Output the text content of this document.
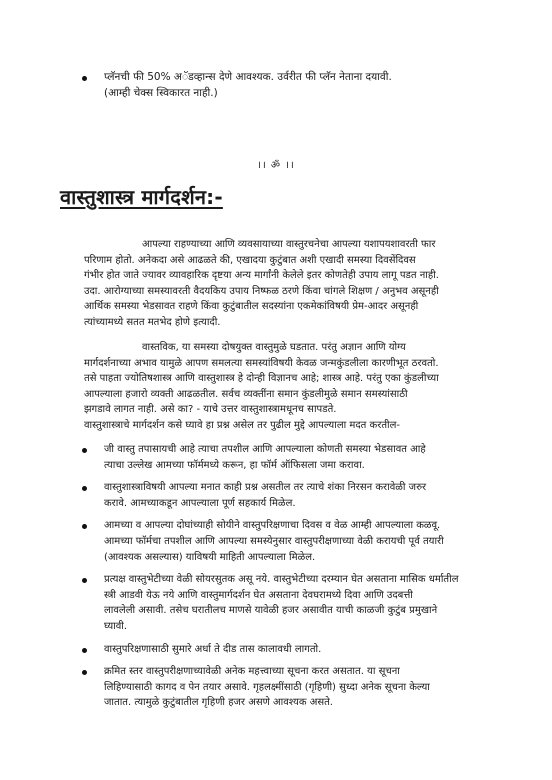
प्लॅनची फी 50% अॅडव्हान्स देणे आवश्यक. उर्वरीत फी प्लॅन नेताना दयावी.
(आम्ही चेक्स स्विकारत नाही.)
।। ॐ ।।
वास्तुशास्त्र मार्गदर्शन:-
आपल्या राहण्याच्या आणि व्यवसायाच्या वास्तुरचनेचा आपल्या यशापयशावरती फार
परिणाम होतो. अनेकदा असे आढळते की, एखादया कुटुंबात अशी एखादी समस्या दिवसेंदिवस
गंभीर होत जाते ज्यावर व्यावहारिक दृष्टया अन्य मार्गांनी केलेले इतर कोणतेही उपाय लागू पडत नाही.
उदा. आरोग्याच्या समस्यावरती वैदयकिय उपाय निष्फळ ठरणे किंवा चांगले शिक्षण / अनुभव असूनही
आर्थिक समस्या भेडसावत राहणे किंवा कुटुंबातील सदस्यांना एकमेकांविषयी प्रेम-आदर असूनही
त्यांच्यामध्ये सतत मतभेद होणे इत्यादी.
वास्तविक, या समस्या दोषयुक्त वास्तुमुळे घडतात. परंतु अज्ञान आणि योग्य
मार्गदर्शनाच्या अभाव यामुळे आपण समलत्या समस्यांविषयी केवळ जन्मकुंडलीला कारणीभूत ठरवतो.
तसे पाहता ज्योतिषशास्त्र आणि वास्तुशास्त्र हे दोन्ही विज्ञानच आहे; शास्त्र आहे. परंतु एका कुंडलीच्या
आपल्याला हजारो व्यक्ती आढळतील. सर्वच व्यक्तींना समान कुंडलीमुळे समान समस्यांसाठी
झगडावे लागत नाही. असे का? - याचे उत्तर वास्तुशास्त्रामधूनच सापडते.
वास्तुशास्त्राचे मार्गदर्शन कसे घ्यावे हा प्रश्न असेल तर पुढील मुद्दे आपल्याला मदत करतील-
जी वास्तु तपासायची आहे त्याचा तपशील आणि आपल्याला कोणती समस्या भेडसावत आहे
त्याचा उल्लेख आमच्या फॉर्ममध्ये करून, हा फॉर्म ऑफिसला जमा करावा.
वास्तुशास्त्राविषयी आपल्या मनात काही प्रश्न असतील तर त्याचे शंका निरसन करावेळी जरुर
करावे. आमच्याकडून आपल्याला पूर्ण सहकार्य मिळेल.
आमच्या व आपल्या दोघांच्याही सोयीने वास्तुपरिक्षणाचा दिवस व वेळ आम्ही आपल्याला कळवू.
आमच्या फॉर्मचा तपशील आणि आपल्या समस्येनुसार वास्तुपरीक्षणाच्या वेळी करायची पूर्व तयारी
(आवश्यक असल्यास) याविषयी माहिती आपल्याला मिळेल.
प्रत्यक्ष वास्तुभेटीच्या वेळी सोयरसुतक असू नये. वास्तुभेटीच्या दरम्यान घेत असताना मासिक धर्मातील
स्त्री आडवी येऊ नये आणि वास्तुमार्गदर्शन घेत असताना देवघरामध्ये दिवा आणि उदबत्ती
लावलेली असावी. तसेच घरातीलच माणसे यावेळी हजर असावीत याची काळजी कुटुंब प्रमुखाने
घ्यावी.
वास्तुपरिक्षणासाठी सुमारे अर्धा ते दीड तास कालावधी लागतो.
क्रमित स्तर वास्तुपरीक्षणाच्यावेळी अनेक महत्त्वाच्या सूचना करत असतात. या सूचना
लिहिण्यासाठी कागद व पेन तयार असावे. गृहलक्ष्मींसाठी (गृहिणी) सुध्दा अनेक सूचना केल्या
जातात. त्यामुळे कुटुंबातील गृहिणी हजर असणे आवश्यक असते.
